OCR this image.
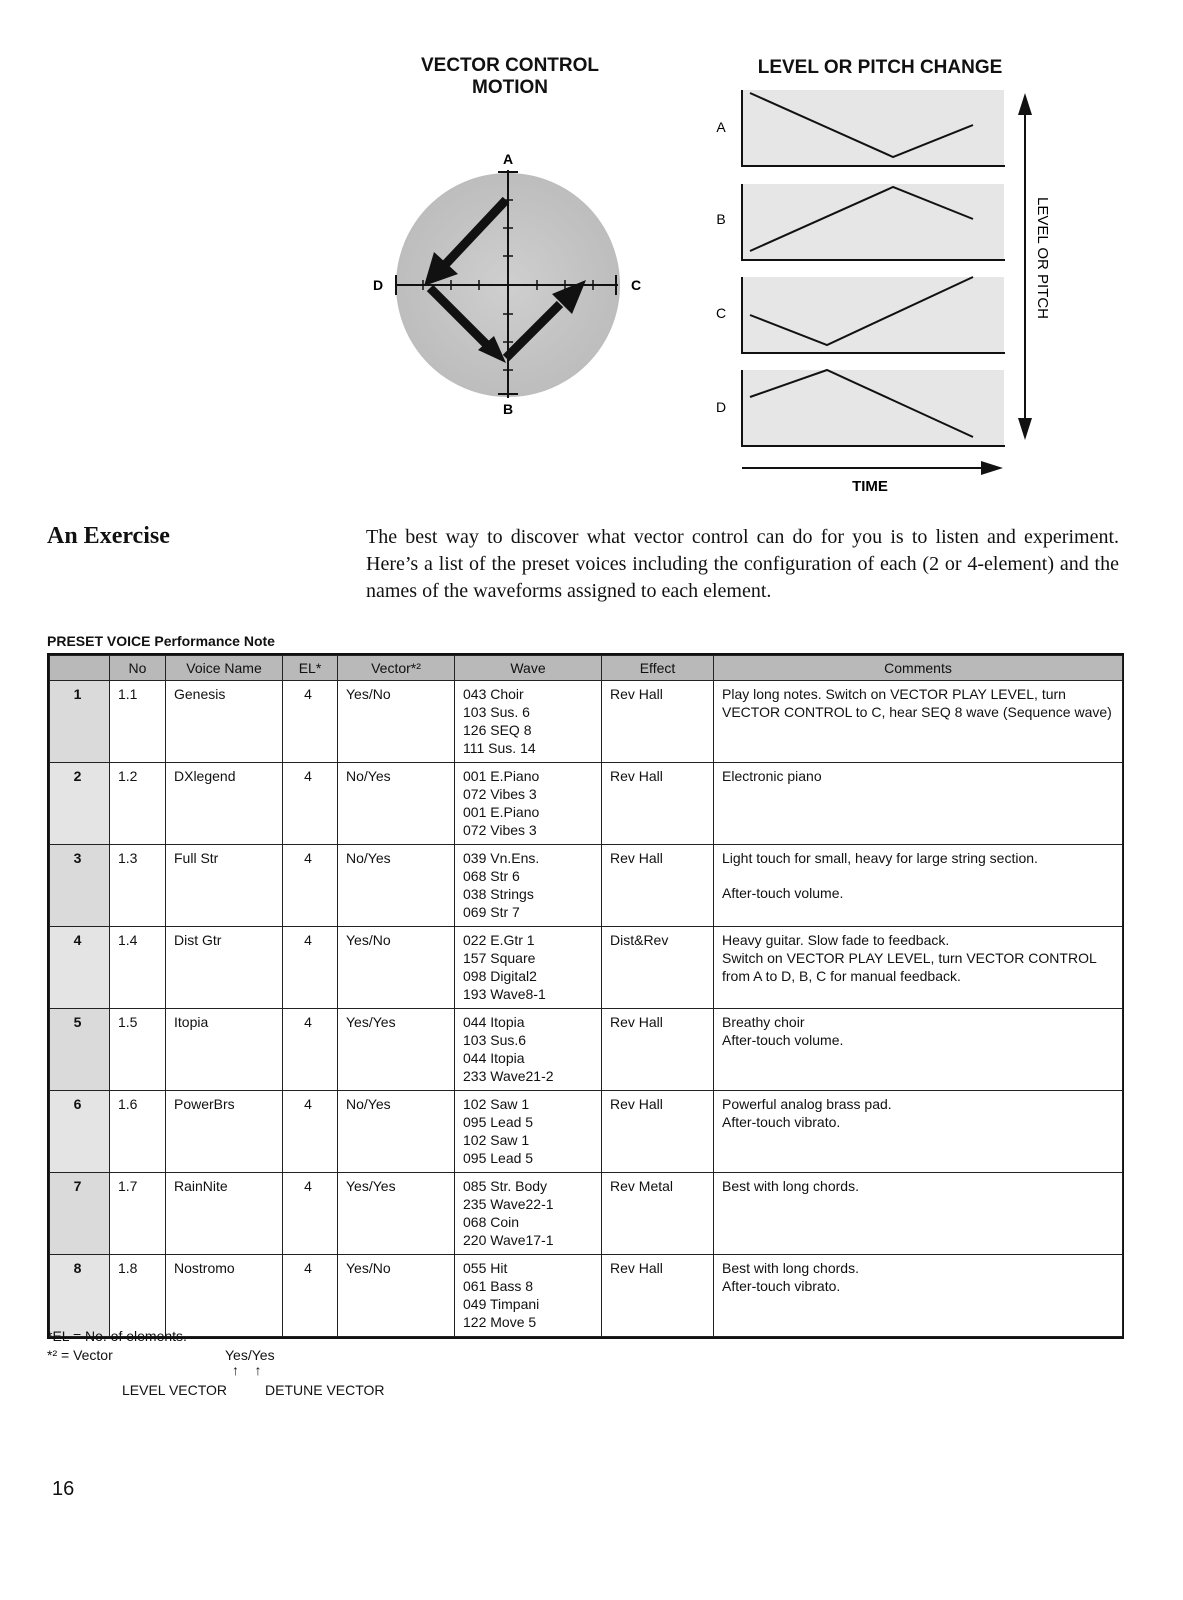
VECTOR CONTROL
MOTION
A
B
C
D
LEVEL OR PITCH CHANGE
A
B
C
D
LEVEL OR PITCH
TIME
An Exercise	The best way to discover what vector control can do for you is to listen and experiment. Here’s a list of the preset voices including the configuration of each (2 or 4-element) and the names of the waveforms assigned to each element.
PRESET VOICE Performance Note
	No	Voice Name	EL*	Vector*²	Wave	Effect	Comments
1	1.1	Genesis	4	Yes/No	043 Choir
103 Sus. 6
126 SEQ 8
111 Sus. 14	Rev Hall	Play long notes. Switch on VECTOR PLAY LEVEL, turn VECTOR CONTROL to C, hear SEQ 8 wave (Sequence wave)

2	1.2	DXlegend	4	No/Yes	001 E.Piano
072 Vibes 3
001 E.Piano
072 Vibes 3	Rev Hall	Electronic piano

3	1.3	Full Str	4	No/Yes	039 Vn.Ens.
068 Str 6
038 Strings
069 Str 7	Rev Hall	Light touch for small, heavy for large string section.
After-touch volume.

4	1.4	Dist Gtr	4	Yes/No	022 E.Gtr 1
157 Square
098 Digital2
193 Wave8-1	Dist&Rev	Heavy guitar. Slow fade to feedback.
Switch on VECTOR PLAY LEVEL, turn VECTOR CONTROL from A to D, B, C for manual feedback.

5	1.5	Itopia	4	Yes/Yes	044 Itopia
103 Sus.6
044 Itopia
233 Wave21-2	Rev Hall	Breathy choir
After-touch volume.

6	1.6	PowerBrs	4	No/Yes	102 Saw 1
095 Lead 5
102 Saw 1
095 Lead 5	Rev Hall	Powerful analog brass pad.
After-touch vibrato.

7	1.7	RainNite	4	Yes/Yes	085 Str. Body
235 Wave22-1
068 Coin
220 Wave17-1	Rev Metal	Best with long chords.

8	1.8	Nostromo	4	Yes/No	055 Hit
061 Bass 8
049 Timpani
122 Move 5	Rev Hall	Best with long chords.
After-touch vibrato.
*EL = No. of elements.
*² = Vector	Yes/Yes
↑    ↑
LEVEL VECTOR	DETUNE VECTOR
16
